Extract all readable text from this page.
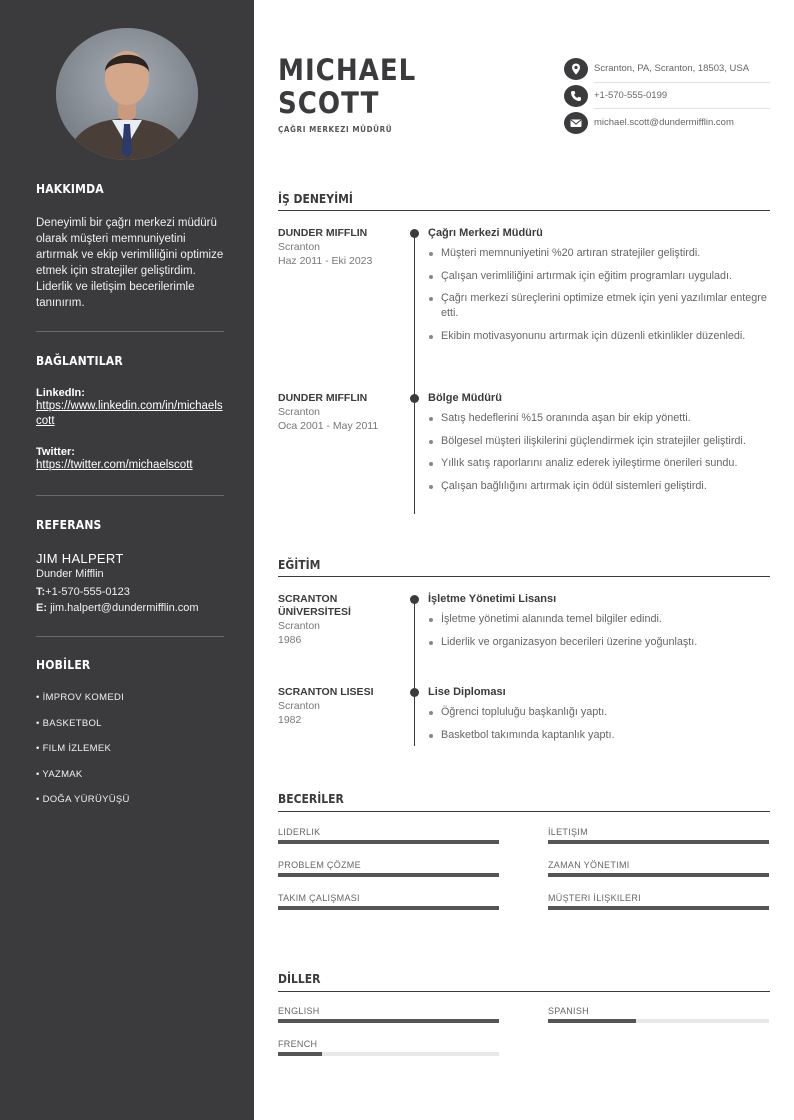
HAKKIMDA
Deneyimli bir çağrı merkezi müdürü olarak müşteri memnuniyetini artırmak ve ekip verimliliğini optimize etmek için stratejiler geliştirdim. Liderlik ve iletişim becerilerimle tanınırım.
BAĞLANTILAR
LinkedIn:
https://www.linkedin.com/in/michaelscott
Twitter:
https://twitter.com/michaelscott
REFERANS
JIM HALPERT
Dunder Mifflin
T:+1-570-555-0123
E: jim.halpert@dundermifflin.com
HOBİLER
• İMPROV KOMEDI
• BASKETBOL
• FILM İZLEMEK
• YAZMAK
• DOĞA YÜRÜYÜŞÜ
MICHAEL
SCOTT
ÇAĞRI MERKEZI MÜDÜRÜ
Scranton, PA, Scranton, 18503, USA
+1-570-555-0199
michael.scott@dundermifflin.com
İŞ DENEYİMİ
DUNDER MIFFLIN
Scranton
Haz 2011 - Eki 2023
Çağrı Merkezi Müdürü
Müşteri memnuniyetini %20 artıran stratejiler geliştirdi.
Çalışan verimliliğini artırmak için eğitim programları uyguladı.
Çağrı merkezi süreçlerini optimize etmek için yeni yazılımlar entegre etti.
Ekibin motivasyonunu artırmak için düzenli etkinlikler düzenledi.
DUNDER MIFFLIN
Scranton
Oca 2001 - May 2011
Bölge Müdürü
Satış hedeflerini %15 oranında aşan bir ekip yönetti.
Bölgesel müşteri ilişkilerini güçlendirmek için stratejiler geliştirdi.
Yıllık satış raporlarını analiz ederek iyileştirme önerileri sundu.
Çalışan bağlılığını artırmak için ödül sistemleri geliştirdi.
EĞİTİM
SCRANTON ÜNİVERSİTESİ
Scranton
1986
İşletme Yönetimi Lisansı
İşletme yönetimi alanında temel bilgiler edindi.
Liderlik ve organizasyon becerileri üzerine yoğunlaştı.
SCRANTON LISESI
Scranton
1982
Lise Diploması
Öğrenci topluluğu başkanlığı yaptı.
Basketbol takımında kaptanlık yaptı.
BECERİLER
LIDERLIK	İLETIŞIM
PROBLEM ÇÖZME	ZAMAN YÖNETIMI
TAKIM ÇALIŞMASI	MÜŞTERI İLIŞKILERI
DİLLER
ENGLISH	SPANISH
FRENCH
